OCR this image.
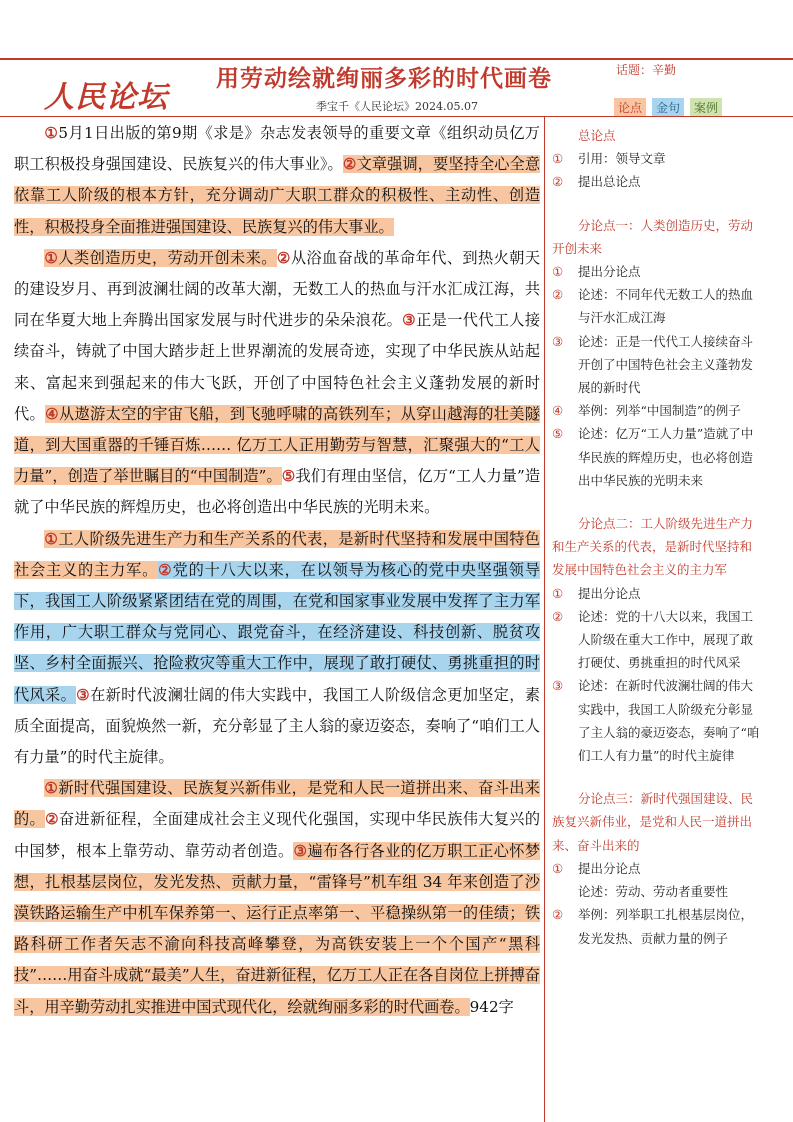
人民论坛
用劳动绘就绚丽多彩的时代画卷	话题：辛勤
季宝千《人民论坛》2024.05.07	论点 金句 案例

①5月1日出版的第9期《求是》杂志发表领导的重要文章《组织动员亿万职工积极投身强国建设、民族复兴的伟大事业》。②文章强调，要坚持全心全意依靠工人阶级的根本方针，充分调动广大职工群众的积极性、主动性、创造性，积极投身全面推进强国建设、民族复兴的伟大事业。

①人类创造历史，劳动开创未来。②从浴血奋战的革命年代、到热火朝天的建设岁月、再到波澜壮阔的改革大潮，无数工人的热血与汗水汇成江海，共同在华夏大地上奔腾出国家发展与时代进步的朵朵浪花。③正是一代代工人接续奋斗，铸就了中国大踏步赶上世界潮流的发展奇迹，实现了中华民族从站起来、富起来到强起来的伟大飞跃，开创了中国特色社会主义蓬勃发展的新时代。④从遨游太空的宇宙飞船，到飞驰呼啸的高铁列车；从穿山越海的壮美隧道，到大国重器的千锤百炼…… 亿万工人正用勤劳与智慧，汇聚强大的“工人力量”，创造了举世瞩目的“中国制造”。⑤我们有理由坚信，亿万“工人力量”造就了中华民族的辉煌历史，也必将创造出中华民族的光明未来。

①工人阶级先进生产力和生产关系的代表，是新时代坚持和发展中国特色社会主义的主力军。②党的十八大以来，在以领导为核心的党中央坚强领导下，我国工人阶级紧紧团结在党的周围，在党和国家事业发展中发挥了主力军作用，广大职工群众与党同心、跟党奋斗，在经济建设、科技创新、脱贫攻坚、乡村全面振兴、抢险救灾等重大工作中，展现了敢打硬仗、勇挑重担的时代风采。③在新时代波澜壮阔的伟大实践中，我国工人阶级信念更加坚定，素质全面提高，面貌焕然一新，充分彰显了主人翁的豪迈姿态，奏响了“咱们工人有力量”的时代主旋律。

①新时代强国建设、民族复兴新伟业，是党和人民一道拼出来、奋斗出来的。②奋进新征程，全面建成社会主义现代化强国，实现中华民族伟大复兴的中国梦，根本上靠劳动、靠劳动者创造。③遍布各行各业的亿万职工正心怀梦想，扎根基层岗位，发光发热、贡献力量，“雷锋号”机车组 34 年来创造了沙漠铁路运输生产中机车保养第一、运行正点率第一、平稳操纵第一的佳绩；铁路科研工作者矢志不渝向科技高峰攀登，为高铁安装上一个个国产“黑科技”……用奋斗成就“最美”人生，奋进新征程，亿万工人正在各自岗位上拼搏奋斗，用辛勤劳动扎实推进中国式现代化，绘就绚丽多彩的时代画卷。942字

总论点

① 引用：领导文章
② 提出总论点

分论点一：人类创造历史，劳动开创未来

① 提出分论点
② 论述：不同年代无数工人的热血与汗水汇成江海
③ 论述：正是一代代工人接续奋斗开创了中国特色社会主义蓬勃发展的新时代
④ 举例：列举“中国制造”的例子
⑤ 论述：亿万“工人力量”造就了中华民族的辉煌历史，也必将创造出中华民族的光明未来

分论点二：工人阶级先进生产力和生产关系的代表，是新时代坚持和发展中国特色社会主义的主力军

① 提出分论点
② 论述：党的十八大以来，我国工人阶级在重大工作中，展现了敢打硬仗、勇挑重担的时代风采
③ 论述：在新时代波澜壮阔的伟大实践中，我国工人阶级充分彰显了主人翁的豪迈姿态，奏响了“咱们工人有力量”的时代主旋律

分论点三：新时代强国建设、民族复兴新伟业，是党和人民一道拼出来、奋斗出来的

① 提出分论点
论述：劳动、劳动者重要性
② 举例：列举职工扎根基层岗位，发光发热、贡献力量的例子
